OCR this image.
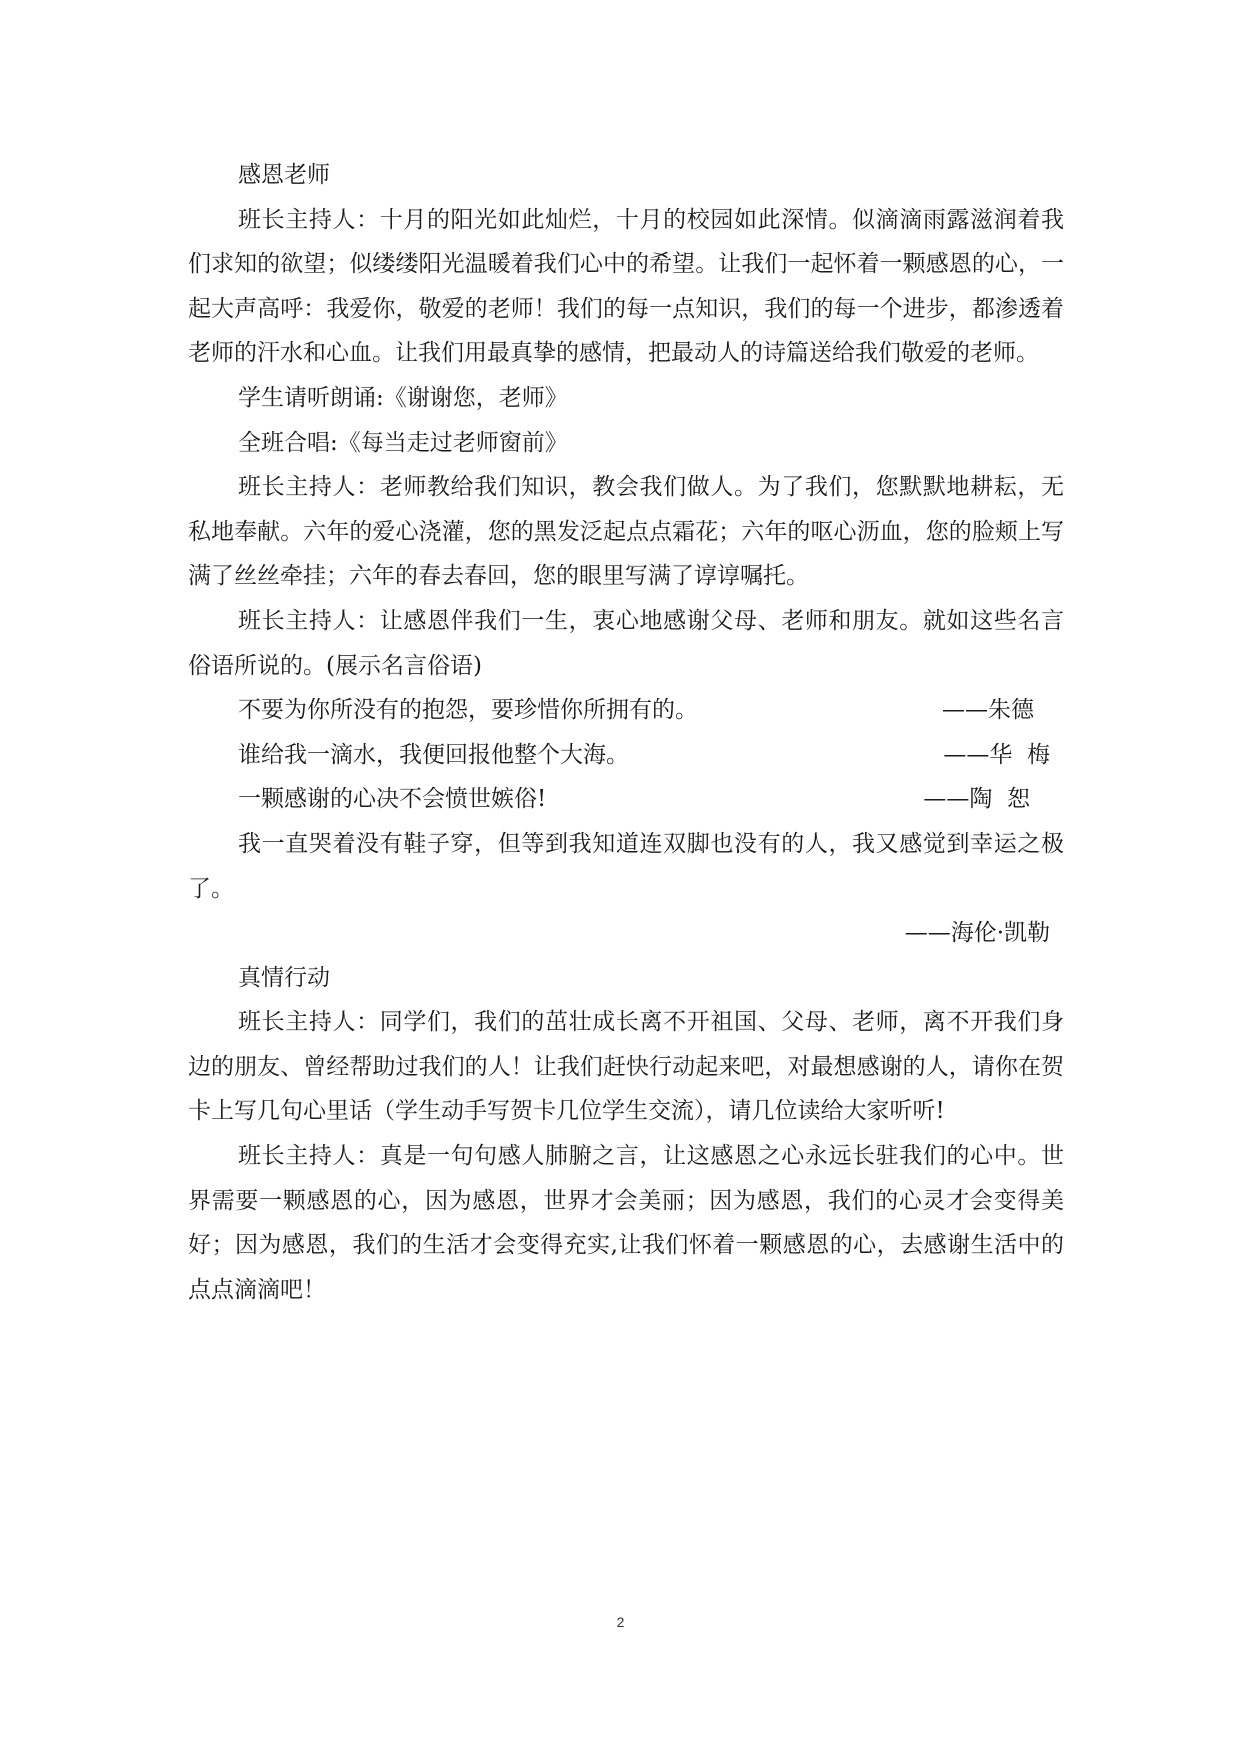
感恩老师

班长主持人：十月的阳光如此灿烂，十月的校园如此深情。似滴滴雨露滋润着我们求知的欲望；似缕缕阳光温暖着我们心中的希望。让我们一起怀着一颗感恩的心，一起大声高呼：我爱你，敬爱的老师！我们的每一点知识，我们的每一个进步，都渗透着老师的汗水和心血。让我们用最真挚的感情，把最动人的诗篇送给我们敬爱的老师。

学生请听朗诵:《谢谢您，老师》

全班合唱:《每当走过老师窗前》

班长主持人：老师教给我们知识，教会我们做人。为了我们，您默默地耕耘，无私地奉献。六年的爱心浇灌，您的黑发泛起点点霜花；六年的呕心沥血，您的脸颊上写满了丝丝牵挂；六年的春去春回，您的眼里写满了谆谆嘱托。

班长主持人：让感恩伴我们一生，衷心地感谢父母、老师和朋友。就如这些名言俗语所说的。(展示名言俗语)

不要为你所没有的抱怨，要珍惜你所拥有的。	——朱德
谁给我一滴水，我便回报他整个大海。	——华  梅
一颗感谢的心决不会愤世嫉俗!	——陶  恕

我一直哭着没有鞋子穿，但等到我知道连双脚也没有的人，我又感觉到幸运之极了。

——海伦·凯勒

真情行动

班长主持人：同学们，我们的茁壮成长离不开祖国、父母、老师，离不开我们身边的朋友、曾经帮助过我们的人！让我们赶快行动起来吧，对最想感谢的人，请你在贺卡上写几句心里话（学生动手写贺卡几位学生交流），请几位读给大家听听!

班长主持人：真是一句句感人肺腑之言，让这感恩之心永远长驻我们的心中。世界需要一颗感恩的心，因为感恩，世界才会美丽；因为感恩，我们的心灵才会变得美好；因为感恩，我们的生活才会变得充实,让我们怀着一颗感恩的心，去感谢生活中的点点滴滴吧！

2
